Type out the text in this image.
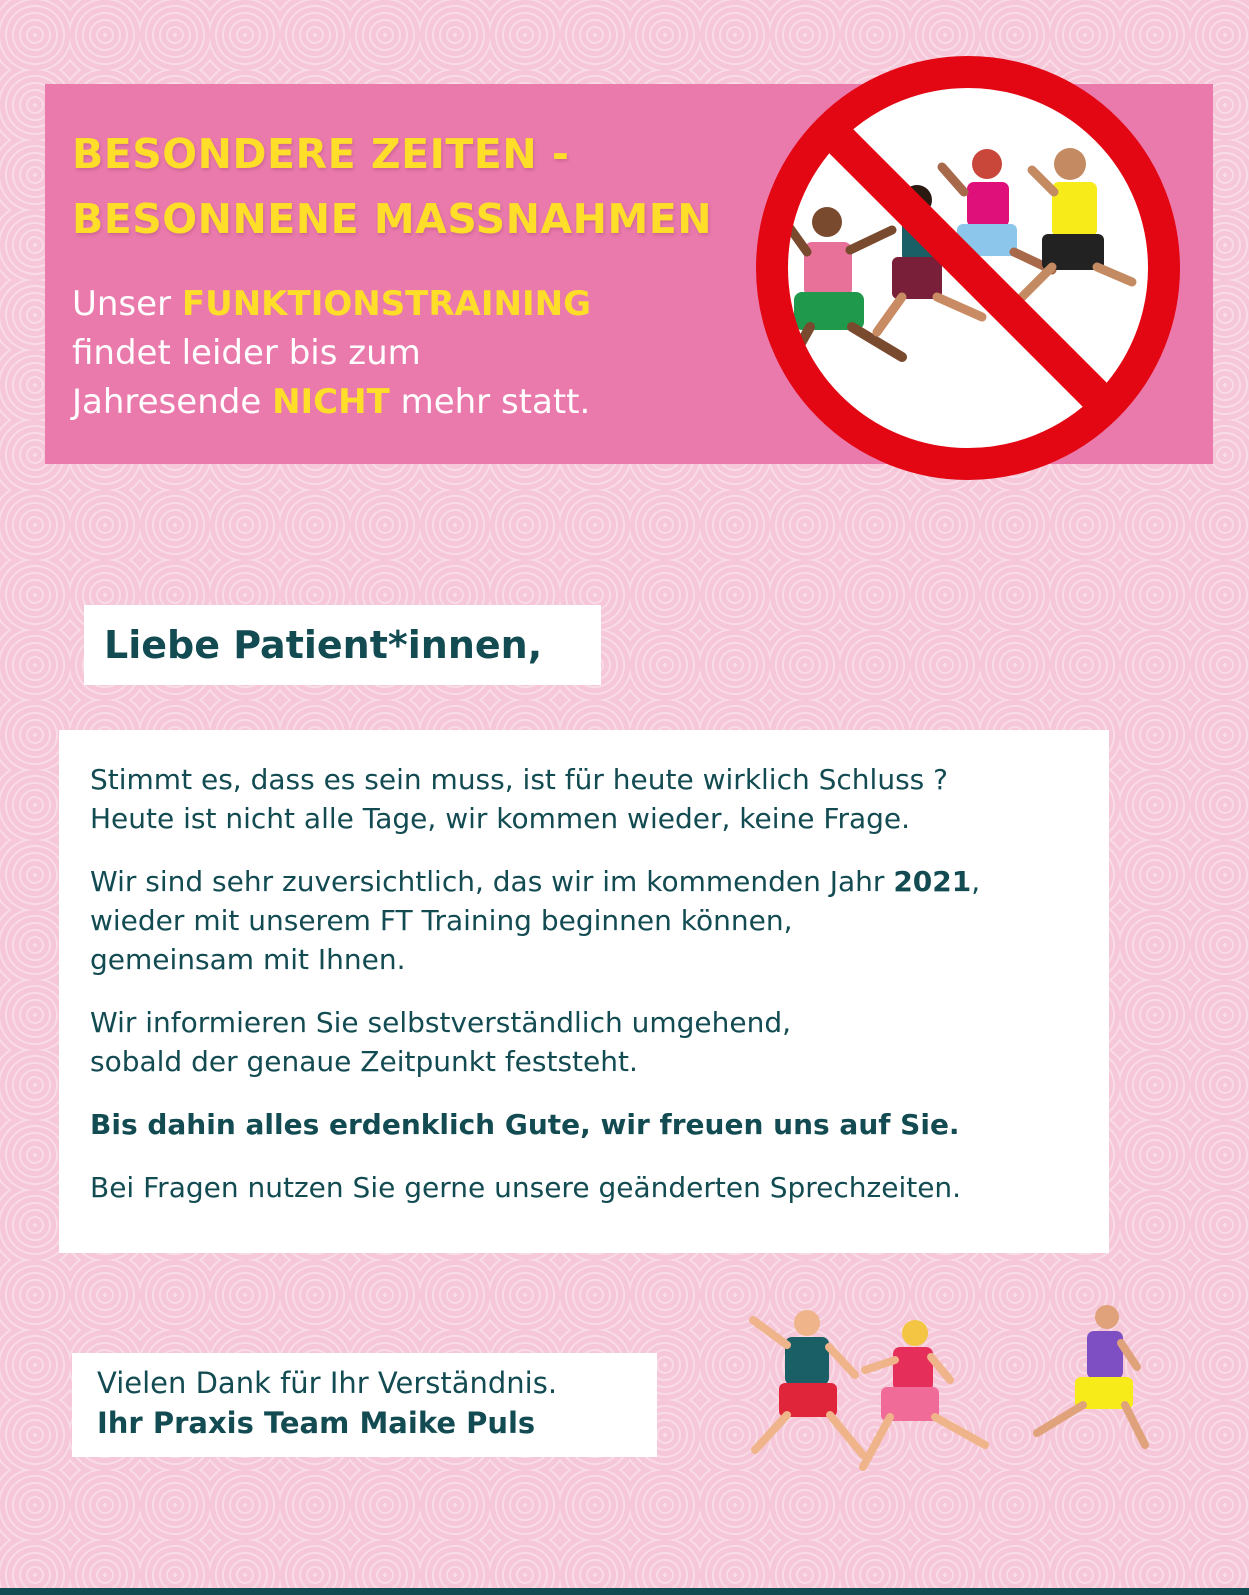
BESONDERE ZEITEN -
BESONNENE MASSNAHMEN

Unser FUNKTIONSTRAINING
findet leider bis zum
Jahresende NICHT mehr statt.

Liebe Patient*innen,

Stimmt es, dass es sein muss, ist für heute wirklich Schluss ?
Heute ist nicht alle Tage, wir kommen wieder, keine Frage.

Wir sind sehr zuversichtlich, das wir im kommenden Jahr 2021,
wieder mit unserem FT Training beginnen können,
gemeinsam mit Ihnen.

Wir informieren Sie selbstverständlich umgehend,
sobald der genaue Zeitpunkt feststeht.

Bis dahin alles erdenklich Gute, wir freuen uns auf Sie.

Bei Fragen nutzen Sie gerne unsere geänderten Sprechzeiten.

Vielen Dank für Ihr Verständnis.
Ihr Praxis Team Maike Puls
